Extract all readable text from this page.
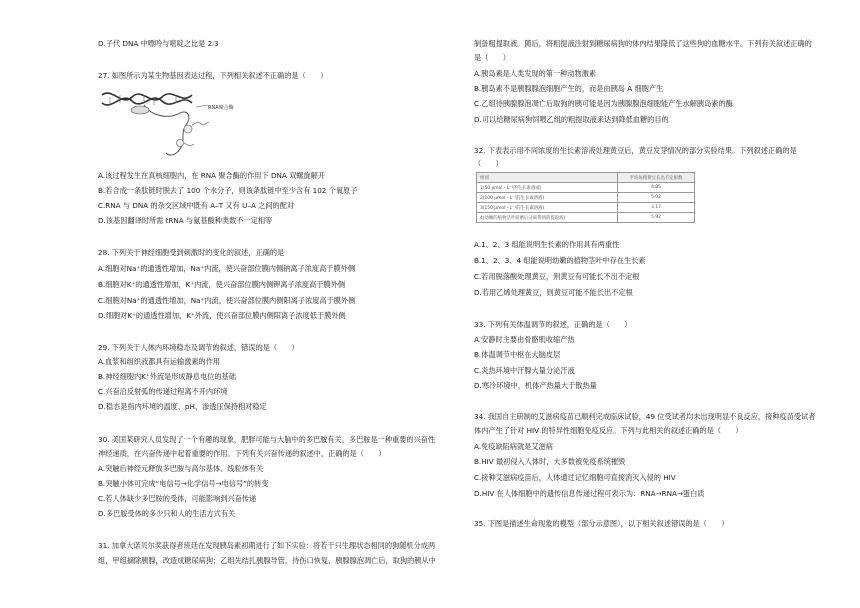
D.子代 DNA 中嘌呤与嘧啶之比是 2∶3
27. 如图所示为某生物基因表达过程，下列相关叙述不正确的是（　　）
RNA聚合酶
A.该过程发生在真核细胞内，在 RNA 聚合酶的作用下 DNA 双螺旋解开
B.若合成一条肽链时脱去了 100 个水分子，则该条肽链中至少含有 102 个氧原子
C.RNA 与 DNA 的杂交区域中既有 A–T 又有 U–A 之间的配对
D.该基因翻译时所需 tRNA 与氨基酸种类数不一定相等
28. 下列关于神经细胞受到刺激时的变化的叙述，正确的是
A.细胞对Na⁺的通透性增加，Na⁺内流，使兴奋部位膜内侧钠离子浓度高于膜外侧
B.细胞对K⁺的通透性增加，K⁺内流，使兴奋部位膜内侧钾离子浓度高于膜外侧
C.细胞对Na⁺的通透性增加，Na⁺内流，使兴奋部位膜内侧阳离子浓度高于膜外侧
D.细胞对K⁺的通透性增加，K⁺外流，使兴奋部位膜内侧阳离子浓度低于膜外侧
29. 下列关于人体内环境稳态及调节的叙述，错误的是（　　）
A.血浆和组织液都具有运输激素的作用
B.神经细胞内K⁺外流是形成静息电位的基础
C.兴奋沿反射弧的传递过程离不开内环境
D.稳态是指内环境的温度、pH、渗透压保持相对稳定
30. 美国某研究人员发现了一个有趣的现象，肥胖可能与大脑中的多巴胺有关。多巴胺是一种重要的兴奋性
神经递质，在兴奋传递中起着重要的作用。下列有关兴奋传递的叙述中，正确的是（　　）
A.突触后神经元释放多巴胺与高尔基体、线粒体有关
B.突触小体可完成“电信号→化学信号→电信号”的转变
C.若人体缺少多巴胺的受体，可能影响到兴奋传递
D.多巴胺受体的多少只和人的生活方式有关
31. 加拿大诺贝尔奖获得者班廷在发现胰岛素初期进行了如下实验：将若干只生理状态相同的狗随机分成两
组，甲组摘除胰腺，改造成糖尿病狗；乙组先结扎胰腺导管，待伤口恢复、胰腺腺泡凋亡后，取狗的胰从中
制备粗提取液。随后，将粗提液注射到糖尿病狗的体内结果降低了这些狗的血糖水平。下列有关叙述正确的
是（　　）
A.胰岛素是人类发现的第一种动物激素
B.胰岛素不是胰腺腺泡细胞产生的，而是由胰岛 A 细胞产生
C.乙组待胰腺腺泡凋亡后取狗的胰可能是因为胰腺腺泡细胞能产生水解胰岛素的酶
D.可以给糖尿病狗饲喂乙组的粗提取液来达到降低血糖的目的
32. 下表表示用不同浓度的生长素溶液处理黄豆后，黄豆发芽情况的部分实验结果。下列叙述正确的是
（　　）
组别	平均每根黄豆长出不定根数
1(50 μmol・L⁻¹的生长素溶液)	4.85
2(100 μmol・L⁻¹的生长素溶液)	5.02
3(150 μmol・L⁻¹的生长素溶液)	3.17
4(幼嫩的植物茎叶研磨后分离得到的提取液)	5.92
A.1、2、3 组能说明生长素的作用具有两重性
B.1、2、3、4 组能说明幼嫩的植物茎叶中存在生长素
C.若用脱落酸处理黄豆，则黄豆有可能长不出不定根
D.若用乙烯处理黄豆，则黄豆可能不能长出不定根
33. 下列有关体温调节的叙述，正确的是（　　）
A.安静时主要由骨骼肌收缩产热
B.体温调节中枢在大脑皮层
C.炎热环境中汗腺大量分泌汗液
D.寒冷环境中，机体产热量大于散热量
34. 我国自主研制的艾滋病疫苗已顺利完成临床试验，49 位受试者均未出现明显不良反应，接种疫苗受试者
体内产生了针对 HIV 的特异性细胞免疫反应。下列与此相关的叙述正确的是（　　）
A.免疫缺陷病就是艾滋病
B.HIV 最初侵入人体时，大多数被免疫系统摧毁
C.接种艾滋病疫苗后，人体通过记忆细胞可直接消灭入侵的 HIV
D.HIV 在人体细胞中的遗传信息传递过程可表示为：RNA→RNA→蛋白质
35. 下图是描述生命现象的模型（部分示意图），以下相关叙述错误的是（　　）
